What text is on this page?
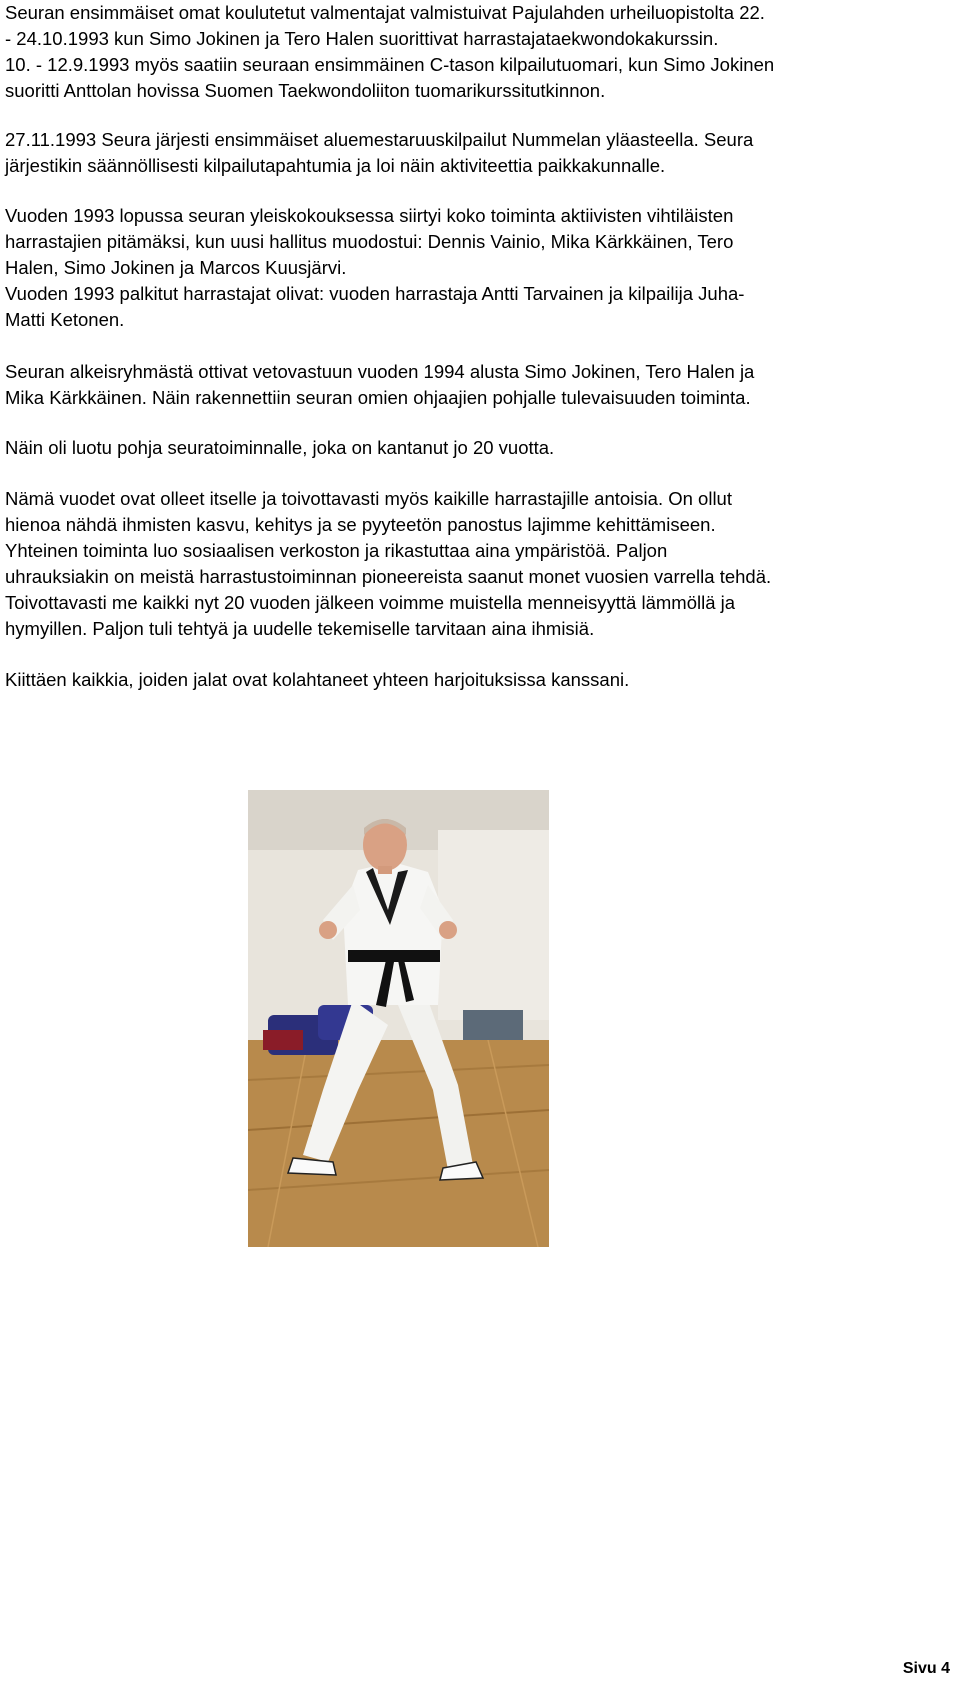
Seuran ensimmäiset omat koulutetut valmentajat valmistuivat Pajulahden urheiluopistolta 22.
- 24.10.1993 kun Simo Jokinen ja Tero Halen suorittivat harrastajataekwondokakurssin.
10. - 12.9.1993 myös saatiin seuraan ensimmäinen C-tason kilpailutuomari, kun Simo Jokinen
suoritti Anttolan hovissa Suomen Taekwondoliiton tuomarikurssitutkinnon.

27.11.1993 Seura järjesti ensimmäiset aluemestaruuskilpailut Nummelan yläasteella. Seura
järjestikin säännöllisesti kilpailutapahtumia ja loi näin aktiviteettia paikkakunnalle.

Vuoden 1993 lopussa seuran yleiskokouksessa siirtyi koko toiminta aktiivisten vihtiläisten
harrastajien pitämäksi, kun uusi hallitus muodostui: Dennis Vainio, Mika Kärkkäinen, Tero
Halen, Simo Jokinen ja Marcos Kuusjärvi.
Vuoden 1993 palkitut harrastajat olivat: vuoden harrastaja Antti Tarvainen ja kilpailija Juha-
Matti Ketonen.

Seuran alkeisryhmästä ottivat vetovastuun vuoden 1994 alusta Simo Jokinen, Tero Halen ja
Mika Kärkkäinen. Näin rakennettiin seuran omien ohjaajien pohjalle tulevaisuuden toiminta.

Näin oli luotu pohja seuratoiminnalle, joka on kantanut jo 20 vuotta.

Nämä vuodet ovat olleet itselle ja toivottavasti myös kaikille harrastajille antoisia. On ollut
hienoa nähdä ihmisten kasvu, kehitys ja se pyyteetön panostus lajimme kehittämiseen.
Yhteinen toiminta luo sosiaalisen verkoston ja rikastuttaa aina ympäristöä. Paljon
uhrauksiakin on meistä harrastustoiminnan pioneereista saanut monet vuosien varrella tehdä.
Toivottavasti me kaikki nyt 20 vuoden jälkeen voimme muistella menneisyyttä lämmöllä ja
hymyillen. Paljon tuli tehtyä ja uudelle tekemiselle tarvitaan aina ihmisiä.

Kiittäen kaikkia, joiden jalat ovat kolahtaneet yhteen harjoituksissa kanssani.

Sivu 4
